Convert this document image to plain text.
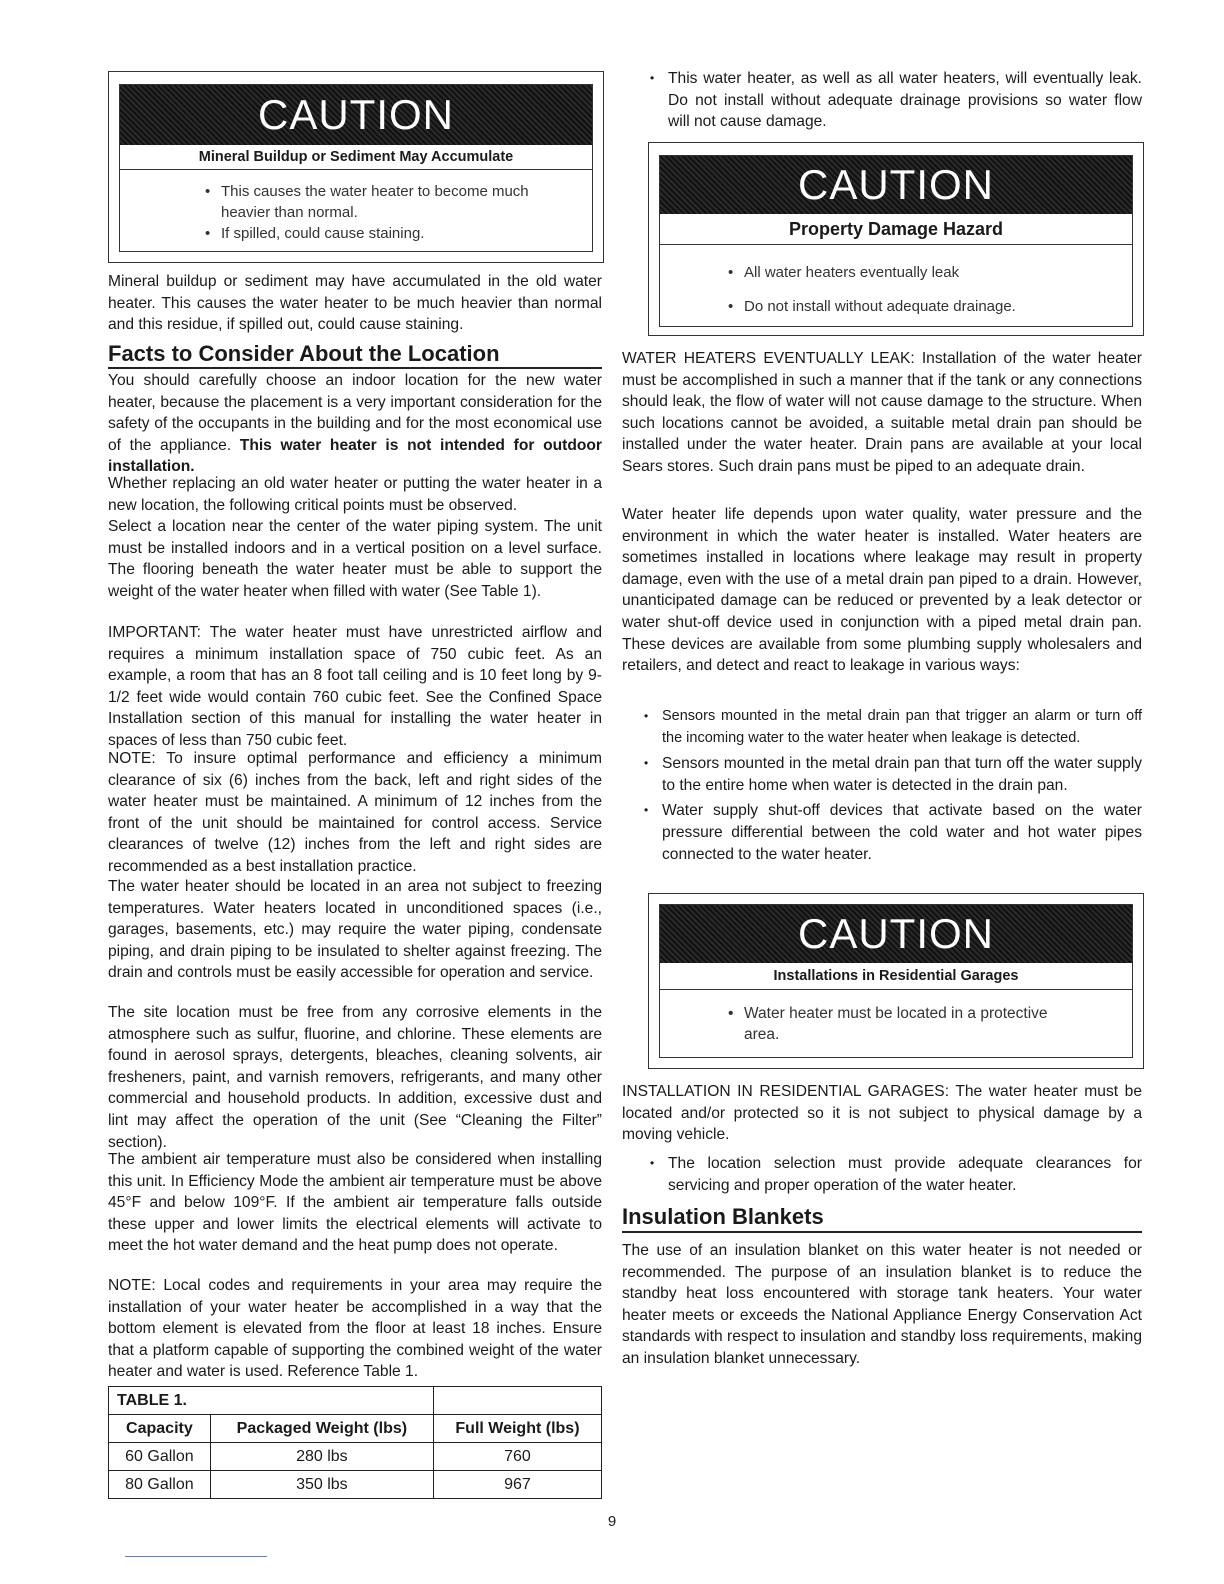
CAUTION
Mineral Buildup or Sediment May Accumulate
• This causes the water heater to become much heavier than normal.
• If spilled, could cause staining.

Mineral buildup or sediment may have accumulated in the old water heater. This causes the water heater to be much heavier than normal and this residue, if spilled out, could cause staining.

Facts to Consider About the Location

You should carefully choose an indoor location for the new water heater, because the placement is a very important consideration for the safety of the occupants in the building and for the most economical use of the appliance. This water heater is not intended for outdoor installation.

Whether replacing an old water heater or putting the water heater in a new location, the following critical points must be observed.

Select a location near the center of the water piping system. The unit must be installed indoors and in a vertical position on a level surface. The flooring beneath the water heater must be able to support the weight of the water heater when filled with water (See Table 1).

IMPORTANT: The water heater must have unrestricted airflow and requires a minimum installation space of 750 cubic feet. As an example, a room that has an 8 foot tall ceiling and is 10 feet long by 9-1/2 feet wide would contain 760 cubic feet. See the Confined Space Installation section of this manual for installing the water heater in spaces of less than 750 cubic feet.

NOTE: To insure optimal performance and efficiency a minimum clearance of six (6) inches from the back, left and right sides of the water heater must be maintained. A minimum of 12 inches from the front of the unit should be maintained for control access. Service clearances of twelve (12) inches from the left and right sides are recommended as a best installation practice.

The water heater should be located in an area not subject to freezing temperatures. Water heaters located in unconditioned spaces (i.e., garages, basements, etc.) may require the water piping, condensate piping, and drain piping to be insulated to shelter against freezing. The drain and controls must be easily accessible for operation and service.

The site location must be free from any corrosive elements in the atmosphere such as sulfur, fluorine, and chlorine. These elements are found in aerosol sprays, detergents, bleaches, cleaning solvents, air fresheners, paint, and varnish removers, refrigerants, and many other commercial and household products. In addition, excessive dust and lint may affect the operation of the unit (See “Cleaning the Filter” section).

The ambient air temperature must also be considered when installing this unit. In Efficiency Mode the ambient air temperature must be above 45°F and below 109°F. If the ambient air temperature falls outside these upper and lower limits the electrical elements will activate to meet the hot water demand and the heat pump does not operate.

NOTE: Local codes and requirements in your area may require the installation of your water heater be accomplished in a way that the bottom element is elevated from the floor at least 18 inches. Ensure that a platform capable of supporting the combined weight of the water heater and water is used. Reference Table 1.

TABLE 1.		
Capacity	Packaged Weight (lbs)	Full Weight (lbs)
60 Gallon	280 lbs	760
80 Gallon	350 lbs	967
• This water heater, as well as all water heaters, will eventually leak. Do not install without adequate drainage provisions so water flow will not cause damage.
CAUTION
Property Damage Hazard
• All water heaters eventually leak
• Do not install without adequate drainage.

WATER HEATERS EVENTUALLY LEAK: Installation of the water heater must be accomplished in such a manner that if the tank or any connections should leak, the flow of water will not cause damage to the structure. When such locations cannot be avoided, a suitable metal drain pan should be installed under the water heater. Drain pans are available at your local Sears stores. Such drain pans must be piped to an adequate drain.

Water heater life depends upon water quality, water pressure and the environment in which the water heater is installed. Water heaters are sometimes installed in locations where leakage may result in property damage, even with the use of a metal drain pan piped to a drain. However, unanticipated damage can be reduced or prevented by a leak detector or water shut-off device used in conjunction with a piped metal drain pan. These devices are available from some plumbing supply wholesalers and retailers, and detect and react to leakage in various ways:

• Sensors mounted in the metal drain pan that trigger an alarm or turn off the incoming water to the water heater when leakage is detected.
• Sensors mounted in the metal drain pan that turn off the water supply to the entire home when water is detected in the drain pan.
• Water supply shut-off devices that activate based on the water pressure differential between the cold water and hot water pipes connected to the water heater.
CAUTION
Installations in Residential Garages
• Water heater must be located in a protective area.

INSTALLATION IN RESIDENTIAL GARAGES: The water heater must be located and/or protected so it is not subject to physical damage by a moving vehicle.

• The location selection must provide adequate clearances for servicing and proper operation of the water heater.
Insulation Blankets

The use of an insulation blanket on this water heater is not needed or recommended. The purpose of an insulation blanket is to reduce the standby heat loss encountered with storage tank heaters. Your water heater meets or exceeds the National Appliance Energy Conservation Act standards with respect to insulation and standby loss requirements, making an insulation blanket unnecessary.

9
